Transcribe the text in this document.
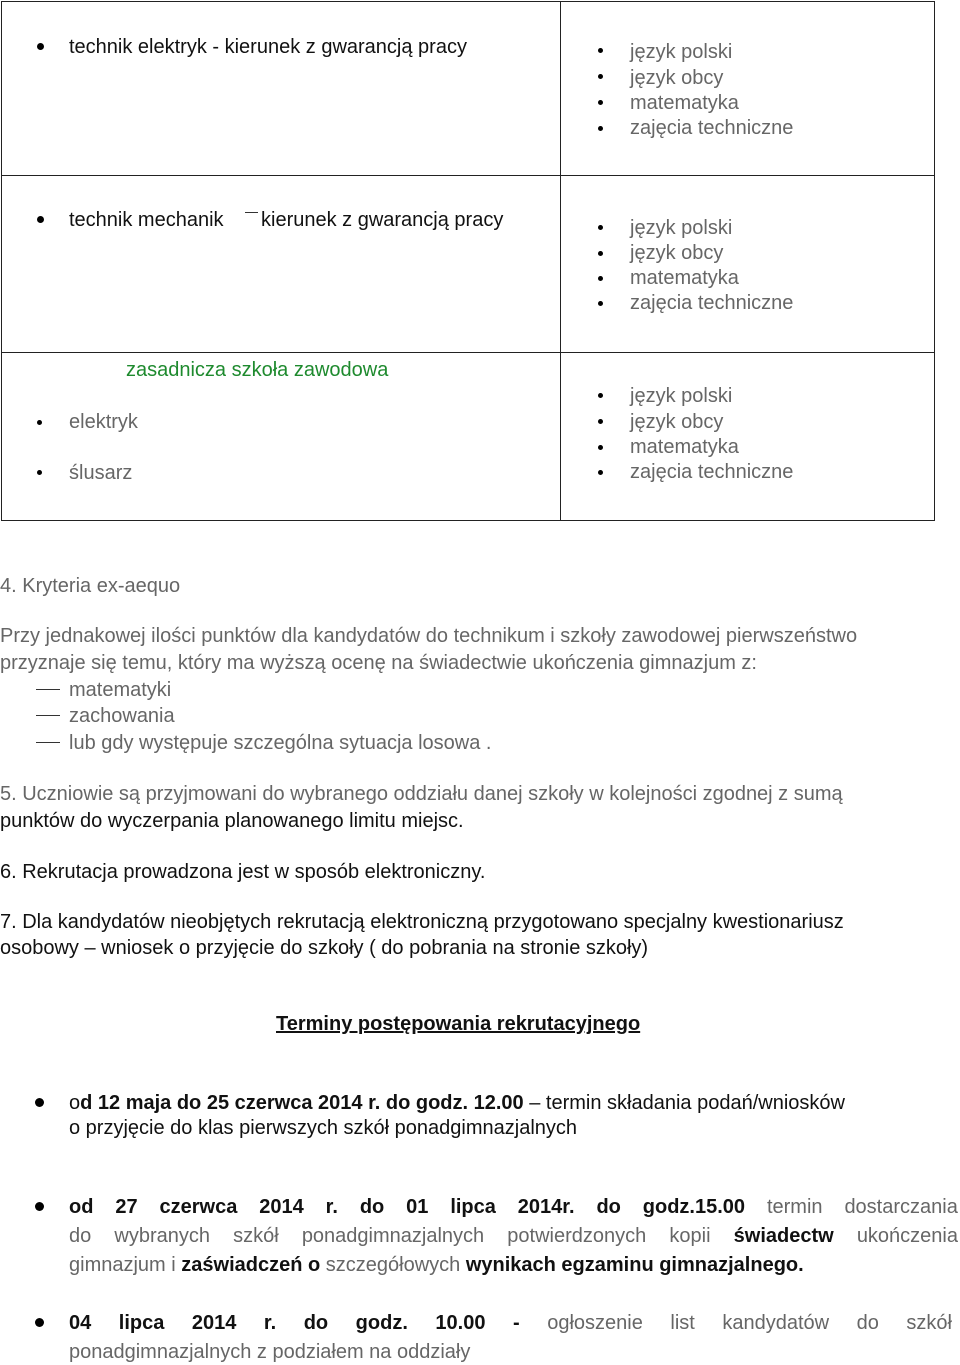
technik elektryk - kierunek z gwarancją pracy	język polski
język obcy
matematyka
zajęcia techniczne
technik mechanik kierunek z gwarancją pracy	język polski
język obcy
matematyka
zajęcia techniczne
zasadnicza szkoła zawodowa
elektryk
ślusarz
język polski
język obcy
matematyka
zajęcia techniczne
4. Kryteria ex-aequo
Przy jednakowej ilości punktów dla kandydatów do technikum i szkoły zawodowej pierwszeństwo
przyznaje się temu, który ma wyższą ocenę na świadectwie ukończenia gimnazjum z:
matematyki
zachowania
lub gdy występuje szczególna sytuacja losowa .
5. Uczniowie są przyjmowani do wybranego oddziału danej szkoły w kolejności zgodnej z sumą
punktów do wyczerpania planowanego limitu miejsc.
6. Rekrutacja prowadzona jest w sposób elektroniczny.
7. Dla kandydatów nieobjętych rekrutacją elektroniczną przygotowano specjalny kwestionariusz
osobowy – wniosek o przyjęcie do szkoły ( do pobrania na stronie szkoły)
Terminy postępowania rekrutacyjnego
od 12 maja do 25 czerwca 2014 r. do godz. 12.00 – termin składania podań/wniosków
o przyjęcie do klas pierwszych szkół ponadgimnazjalnych
od 27 czerwca 2014 r. do 01 lipca 2014r. do godz.15.00 termin dostarczania
do wybranych szkół ponadgimnazjalnych potwierdzonych kopii świadectw ukończenia
gimnazjum i zaświadczeń o szczegółowych wynikach egzaminu gimnazjalnego.
04 lipca 2014 r. do godz. 10.00 - ogłoszenie list kandydatów do szkół
ponadgimnazjalnych z podziałem na oddziały
